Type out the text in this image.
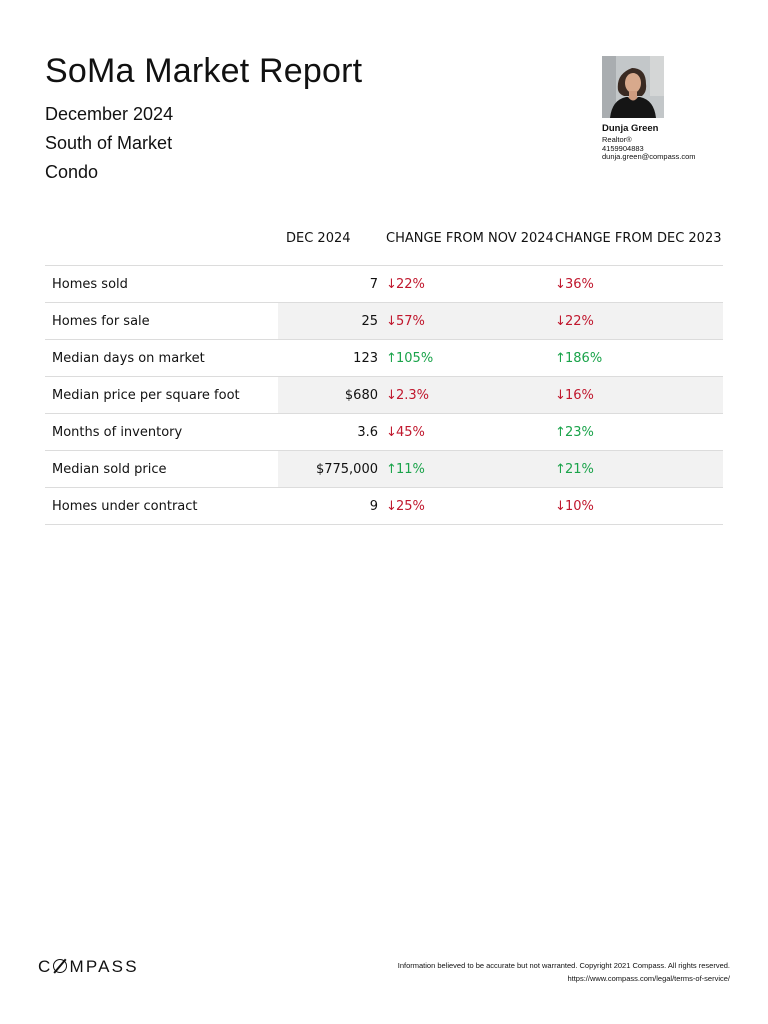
SoMa Market Report
December 2024
South of Market
Condo
Dunja Green
Realtor®
4159904883
dunja.green@compass.com
	DEC 2024	CHANGE FROM NOV 2024	CHANGE FROM DEC 2023
Homes sold	7	↓22%	↓36%
Homes for sale	25	↓57%	↓22%
Median days on market	123	↑105%	↑186%
Median price per square foot	$680	↓2.3%	↓16%
Months of inventory	3.6	↓45%	↑23%
Median sold price	$775,000	↑11%	↑21%
Homes under contract	9	↓25%	↓10%
C MPASS	Information believed to be accurate but not warranted. Copyright 2021 Compass. All rights reserved.
https://www.compass.com/legal/terms-of-service/
